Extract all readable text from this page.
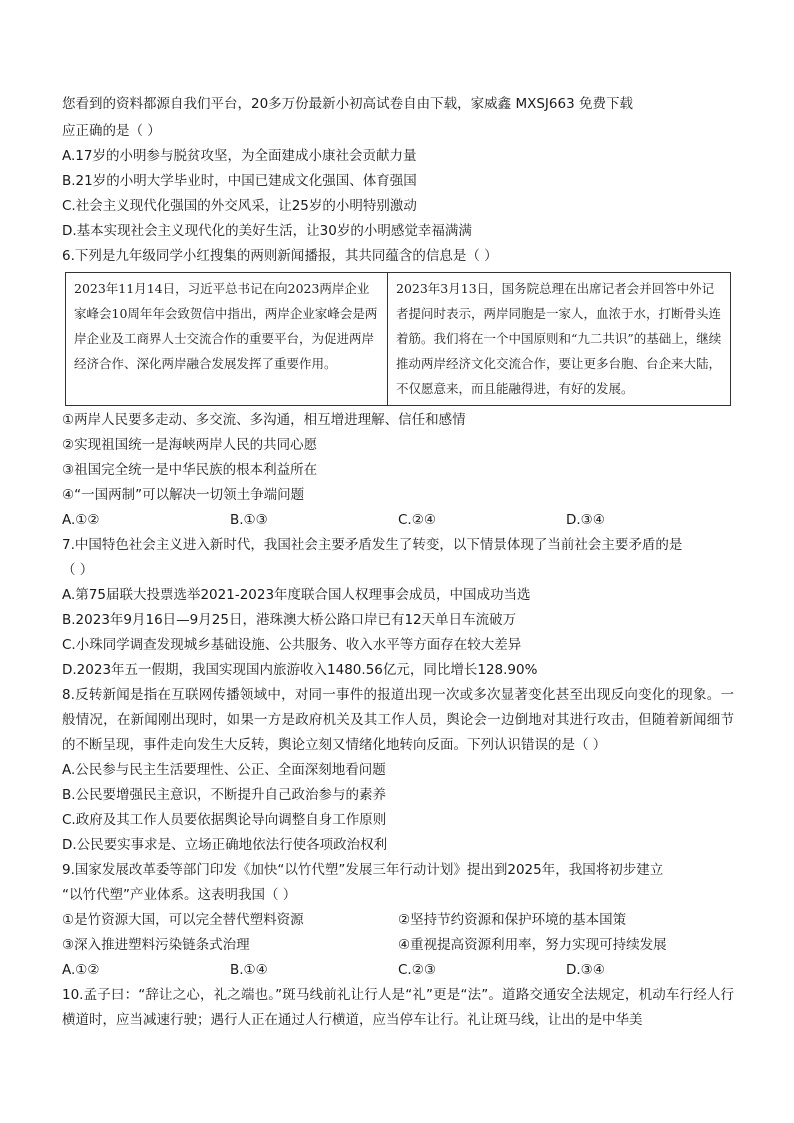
您看到的资料都源自我们平台，20多万份最新小初高试卷自由下载，家威鑫 MXSJ663 免费下载
应正确的是（ ）
A.17岁的小明参与脱贫攻坚，为全面建成小康社会贡献力量
B.21岁的小明大学毕业时，中国已建成文化强国、体育强国
C.社会主义现代化强国的外交风采，让25岁的小明特别激动
D.基本实现社会主义现代化的美好生活，让30岁的小明感觉幸福满满
6.下列是九年级同学小红搜集的两则新闻播报，其共同蕴含的信息是（ ）
2023年11月14日，习近平总书记在向2023两岸企业家峰会10周年年会致贺信中指出，两岸企业家峰会是两岸企业及工商界人士交流合作的重要平台，为促进两岸经济合作、深化两岸融合发展发挥了重要作用。	2023年3月13日，国务院总理在出席记者会并回答中外记者提问时表示，两岸同胞是一家人，血浓于水，打断骨头连着筋。我们将在一个中国原则和“九二共识”的基础上，继续推动两岸经济文化交流合作，要让更多台胞、台企来大陆，不仅愿意来，而且能融得进，有好的发展。
①两岸人民要多走动、多交流、多沟通，相互增进理解、信任和感情
②实现祖国统一是海峡两岸人民的共同心愿
③祖国完全统一是中华民族的根本利益所在
④“一国两制”可以解决一切领土争端问题
A.①②	B.①③	C.②④	D.③④
7.中国特色社会主义进入新时代，我国社会主要矛盾发生了转变，以下情景体现了当前社会主要矛盾的是
（ ）
A.第75届联大投票选举2021-2023年度联合国人权理事会成员，中国成功当选
B.2023年9月16日—9月25日，港珠澳大桥公路口岸已有12天单日车流破万
C.小珠同学调查发现城乡基础设施、公共服务、收入水平等方面存在较大差异
D.2023年五一假期，我国实现国内旅游收入1480.56亿元，同比增长128.90%
8.反转新闻是指在互联网传播领域中，对同一事件的报道出现一次或多次显著变化甚至出现反向变化的现象。一般情况，在新闻刚出现时，如果一方是政府机关及其工作人员，舆论会一边倒地对其进行攻击，但随着新闻细节的不断呈现，事件走向发生大反转，舆论立刻又情绪化地转向反面。下列认识错误的是（ ）
A.公民参与民主生活要理性、公正、全面深刻地看问题
B.公民要增强民主意识，不断提升自己政治参与的素养
C.政府及其工作人员要依据舆论导向调整自身工作原则
D.公民要实事求是、立场正确地依法行使各项政治权利
9.国家发展改革委等部门印发《加快“以竹代塑”发展三年行动计划》提出到2025年，我国将初步建立
“以竹代塑”产业体系。这表明我国（ ）
①是竹资源大国，可以完全替代塑料资源	②坚持节约资源和保护环境的基本国策
③深入推进塑料污染链条式治理	④重视提高资源利用率，努力实现可持续发展
A.①②	B.①④	C.②③	D.③④
10.孟子曰：“辞让之心，礼之端也。”斑马线前礼让行人是“礼”更是“法”。道路交通安全法规定，机动车行经人行横道时，应当减速行驶；遇行人正在通过人行横道，应当停车让行。礼让斑马线，让出的是中华美
